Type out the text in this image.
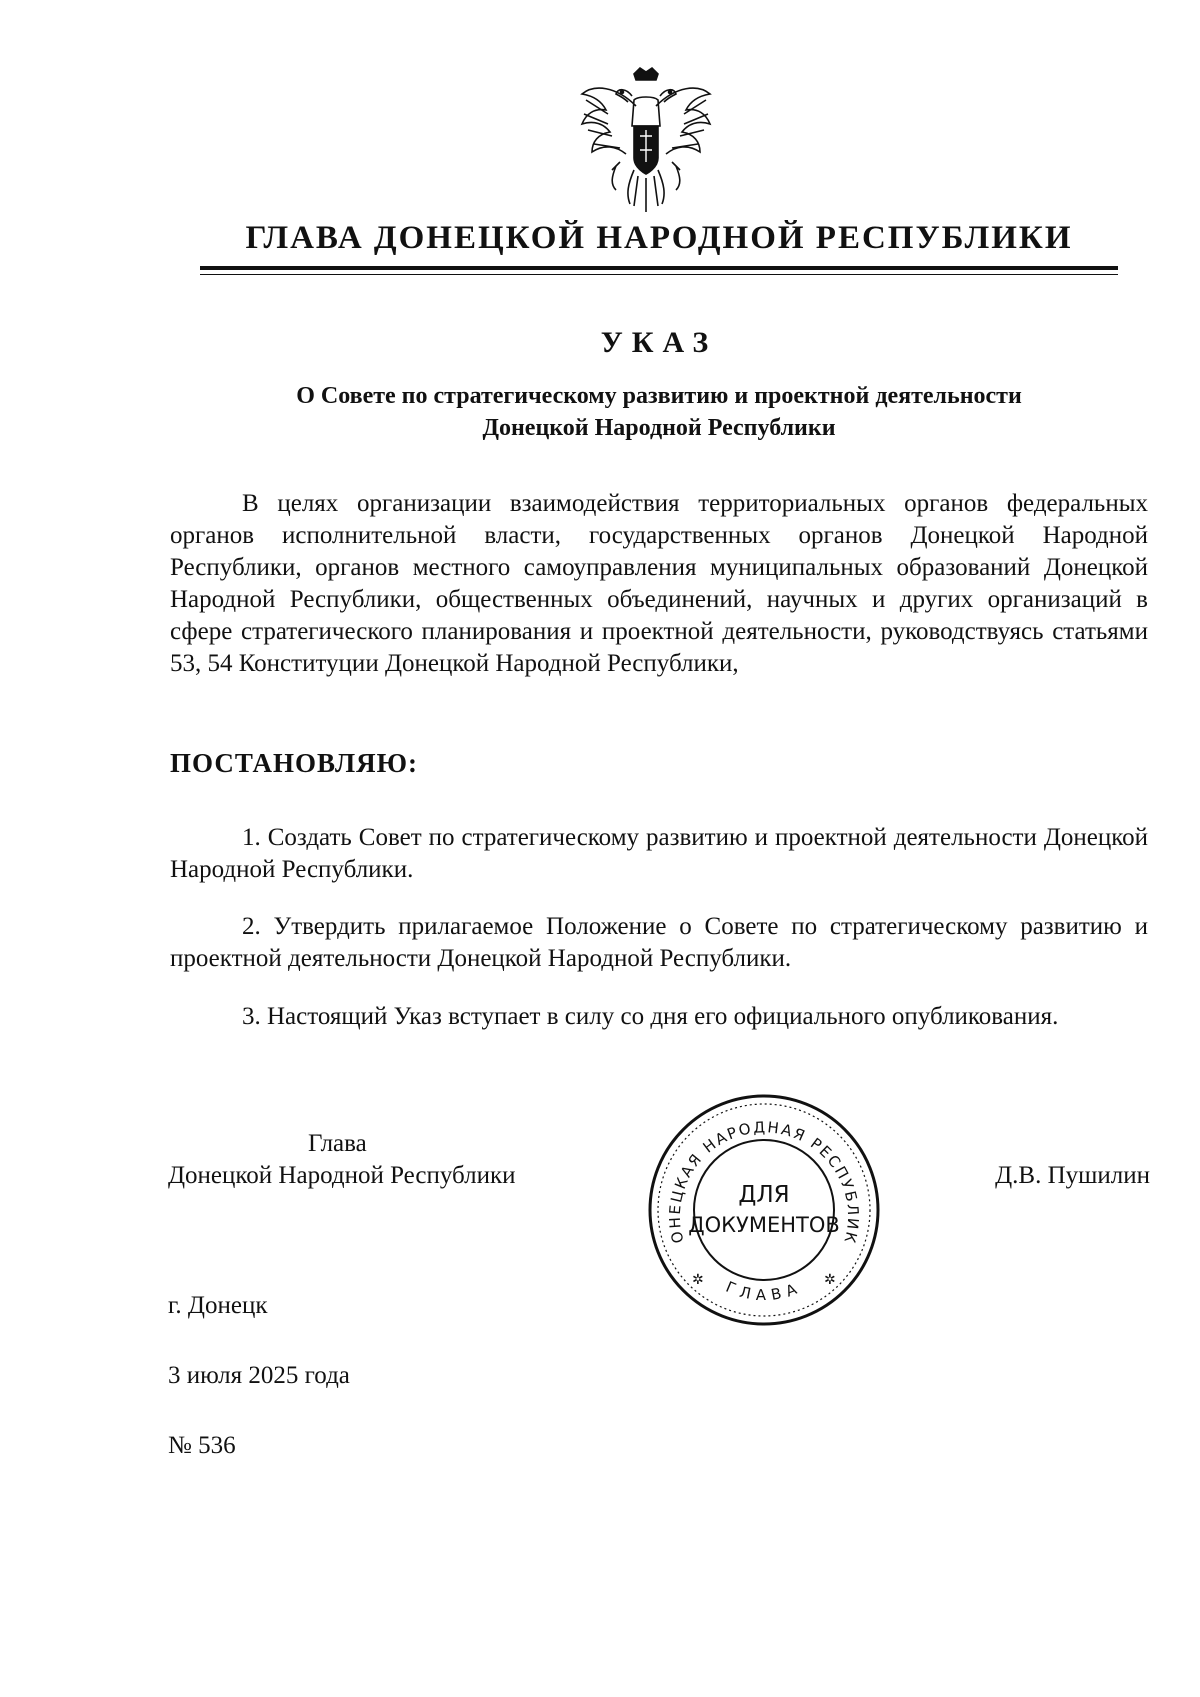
ГЛАВА ДОНЕЦКОЙ НАРОДНОЙ РЕСПУБЛИКИ
УКАЗ
О Совете по стратегическому развитию и проектной деятельности
Донецкой Народной Республики

В целях организации взаимодействия территориальных органов федеральных органов исполнительной власти, государственных органов Донецкой Народной Республики, органов местного самоуправления муниципальных образований Донецкой Народной Республики, общественных объединений, научных и других организаций в сфере стратегического планирования и проектной деятельности, руководствуясь статьями 53, 54 Конституции Донецкой Народной Республики,

ПОСТАНОВЛЯЮ:

1. Создать Совет по стратегическому развитию и проектной деятельности Донецкой Народной Республики.

2. Утвердить прилагаемое Положение о Совете по стратегическому развитию и проектной деятельности Донецкой Народной Республики.

3. Настоящий Указ вступает в силу со дня его официального опубликования.

Глава
Донецкой Народной Республики	Д.В. Пушилин
ОНЕЦКАЯ НАРОДНАЯ РЕСПУБЛИК
ГЛАВА
✲	✲
ДЛЯ
ДОКУМЕНТОВ
г. Донецк
3 июля 2025 года
№ 536
